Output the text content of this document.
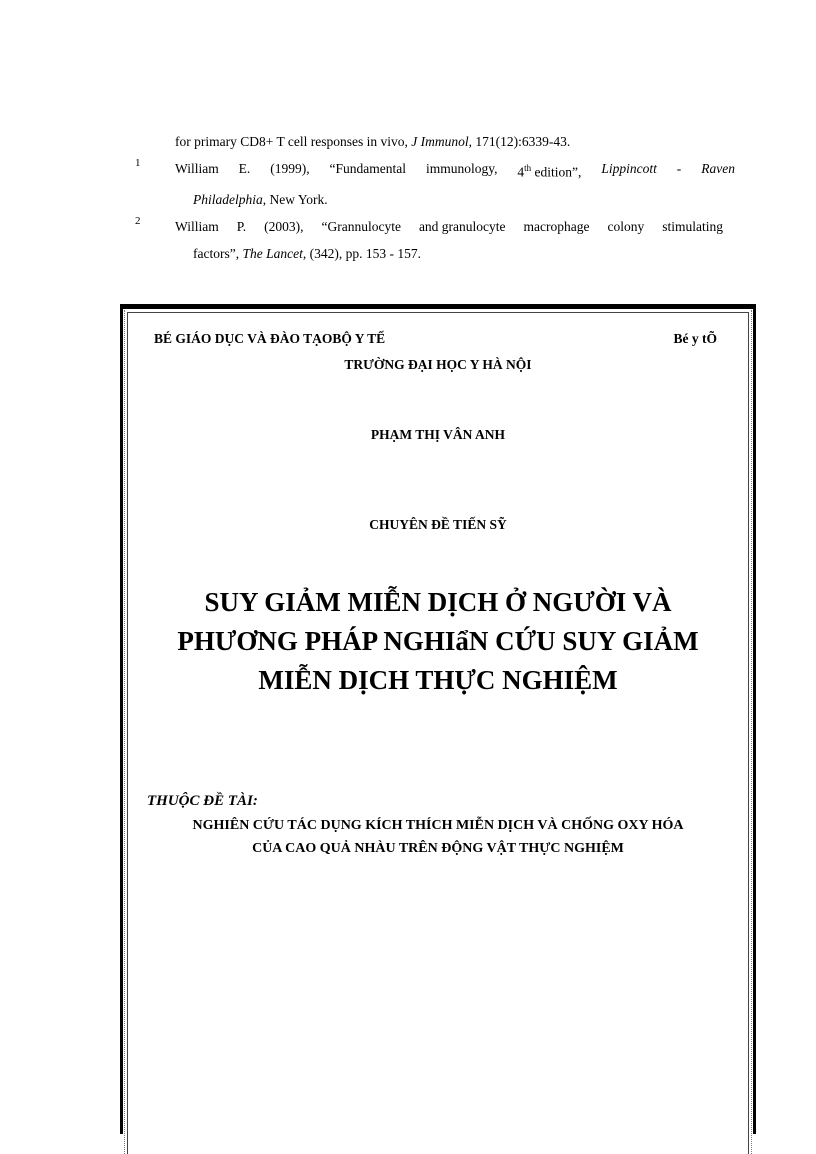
for primary CD8+ T cell responses in vivo, J Immunol, 171(12):6339-43.
1	William E. (1999), “Fundamental immunology, 4th edition”, Lippincott - Raven
Philadelphia, New York.
2	William P. (2003), “Grannulocyte and granulocyte macrophage colony stimulating
factors”, The Lancet, (342), pp. 153 - 157.
BÉ GIÁO DỤC VÀ ĐÀO TẠOBỘ Y TẾ	Bé y tÕ
TRƯỜNG ĐẠI HỌC Y HÀ NỘI
PHẠM THỊ VÂN ANH
CHUYÊN ĐỀ TIẾN SỸ
SUY GIẢM MIỄN DỊCH Ở NGƯỜI VÀ
PHƯƠNG PHÁP NGHIẩN CỨU SUY GIẢM
MIỄN DỊCH THỰC NGHIỆM
THUỘC ĐỀ TÀI:
NGHIÊN CỨU TÁC DỤNG KÍCH THÍCH MIỄN DỊCH VÀ CHỐNG OXY HÓA
CỦA CAO QUẢ NHÀU TRÊN ĐỘNG VẬT THỰC NGHIỆM
